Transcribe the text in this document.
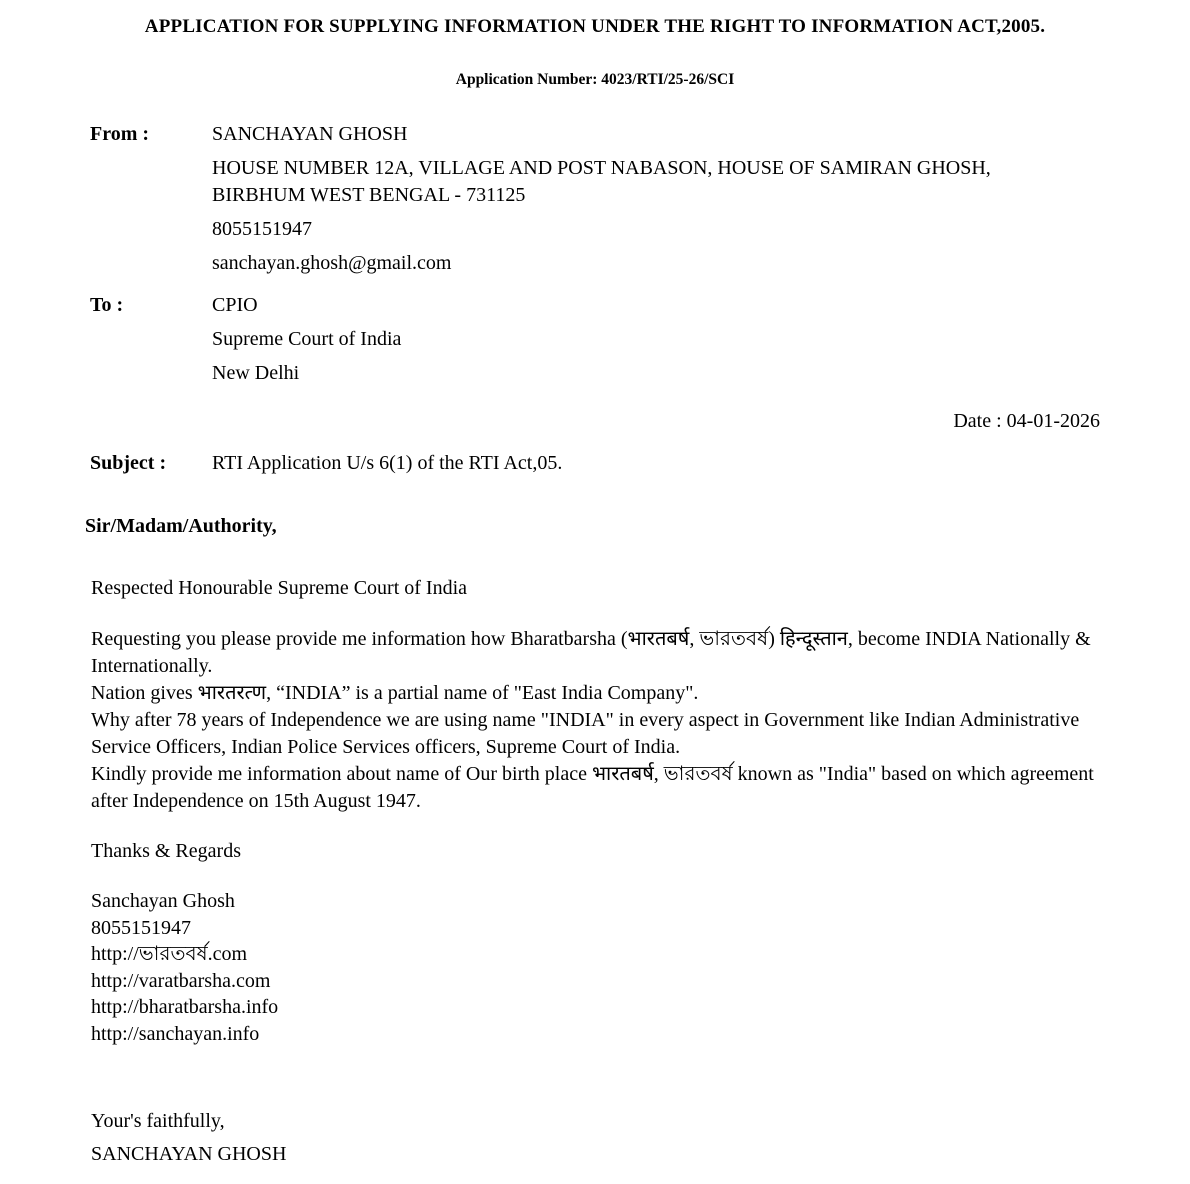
APPLICATION FOR SUPPLYING INFORMATION UNDER THE RIGHT TO INFORMATION ACT,2005.
Application Number: 4023/RTI/25-26/SCI
From :	SANCHAYAN GHOSH
HOUSE NUMBER 12A, VILLAGE AND POST NABASON, HOUSE OF SAMIRAN GHOSH, BIRBHUM WEST BENGAL - 731125
8055151947
sanchayan.ghosh@gmail.com
To :	CPIO
Supreme Court of India
New Delhi
Date : 04-01-2026
Subject :	RTI Application U/s 6(1) of the RTI Act,05.
Sir/Madam/Authority,
Respected Honourable Supreme Court of India
Requesting you please provide me information how Bharatbarsha (भारतबर्ष, ভারতবর্ষ) हिन्दूस्तान, become INDIA Nationally & Internationally.
Nation gives भारतरत्ण, “INDIA” is a partial name of "East India Company".
Why after 78 years of Independence we are using name "INDIA" in every aspect in Government like Indian Administrative Service Officers, Indian Police Services officers, Supreme Court of India.
Kindly provide me information about name of Our birth place भारतबर्ष, ভারতবর্ষ known as "India" based on which agreement after Independence on 15th August 1947.
Thanks & Regards
Sanchayan Ghosh
8055151947
http://ভারতবর্ষ.com
http://varatbarsha.com
http://bharatbarsha.info
http://sanchayan.info
Your's faithfully,
SANCHAYAN GHOSH
